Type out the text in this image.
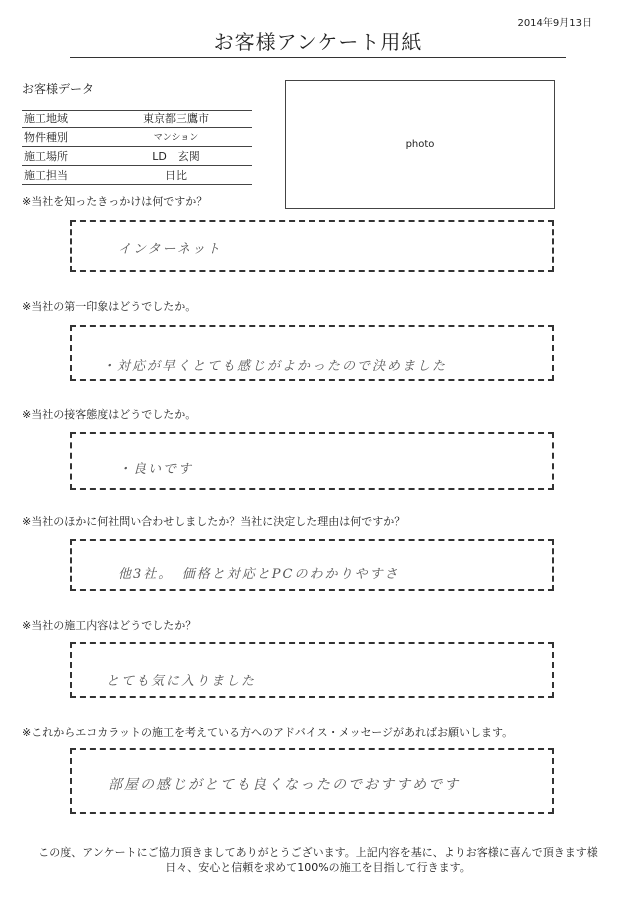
2014年9月13日
お客様アンケート用紙
お客様データ
施工地域	東京都三鷹市
物件種別	マンション
施工場所	LD　玄関
施工担当	日比
photo
※当社を知ったきっかけは何ですか？
インターネット
※当社の第一印象はどうでしたか。
・対応が早くとても感じがよかったので決めました
※当社の接客態度はどうでしたか。
・良いです
※当社のほかに何社問い合わせしましたか？当社に決定した理由は何ですか？
他3社。　価格と対応とPCのわかりやすさ
※当社の施工内容はどうでしたか？
とても気に入りました
※これからエコカラットの施工を考えている方へのアドバイス・メッセージがあればお願いします。
部屋の感じがとても良くなったのでおすすめです
この度、アンケートにご協力頂きましてありがとうございます。上記内容を基に、よりお客様に喜んで頂きます様
日々、安心と信頼を求めて100%の施工を目指して行きます。
